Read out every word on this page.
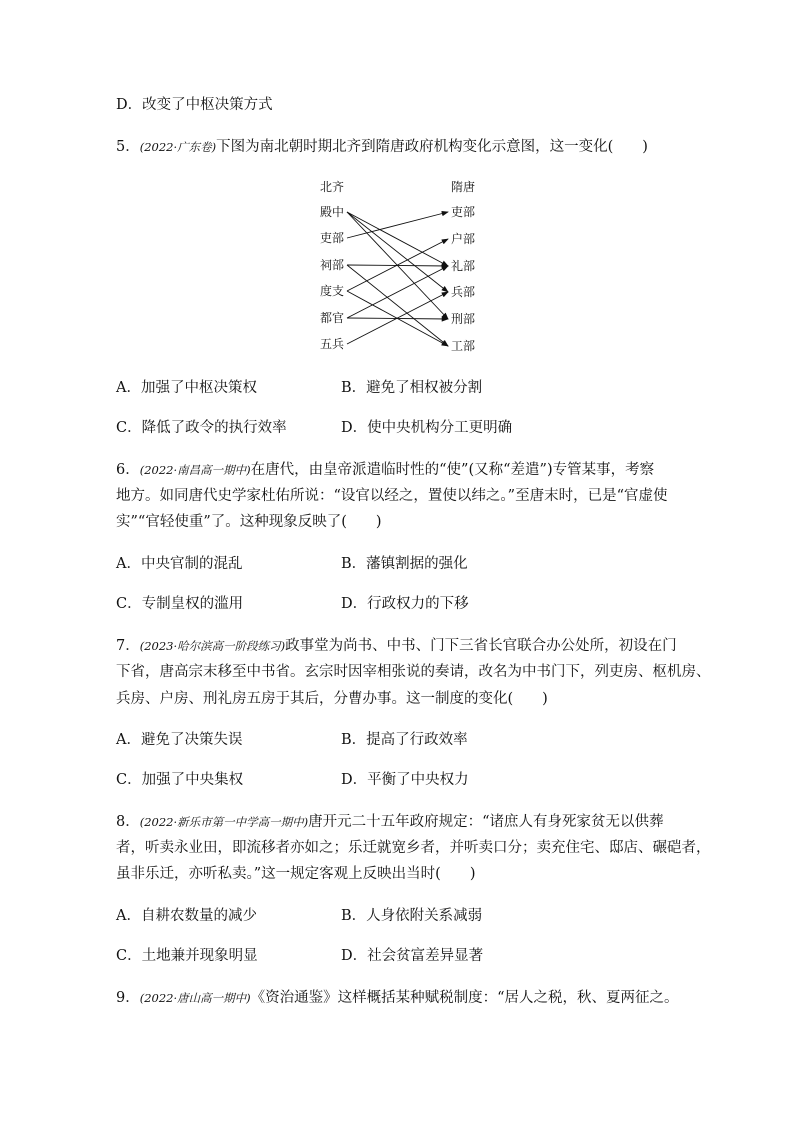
D．改变了中枢决策方式
5．(2022·广东卷)下图为南北朝时期北齐到隋唐政府机构变化示意图，这一变化(　　)
北齐	隋唐
殿中
吏部
祠部
度支
都官
五兵
吏部
户部
礼部
兵部
刑部
工部
A．加强了中枢决策权	B．避免了相权被分割
C．降低了政令的执行效率	D．使中央机构分工更明确
6．(2022·南昌高一期中)在唐代，由皇帝派遣临时性的“使”(又称“差遣”)专管某事，考察
地方。如同唐代史学家杜佑所说：“设官以经之，置使以纬之。”至唐末时，已是“官虚使
实”“官轻使重”了。这种现象反映了(　　)
A．中央官制的混乱	B．藩镇割据的强化
C．专制皇权的滥用	D．行政权力的下移
7．(2023·哈尔滨高一阶段练习)政事堂为尚书、中书、门下三省长官联合办公处所，初设在门
下省，唐高宗末移至中书省。玄宗时因宰相张说的奏请，改名为中书门下，列吏房、枢机房、
兵房、户房、刑礼房五房于其后，分曹办事。这一制度的变化(　　)
A．避免了决策失误	B．提高了行政效率
C．加强了中央集权	D．平衡了中央权力
8．(2022·新乐市第一中学高一期中)唐开元二十五年政府规定：“诸庶人有身死家贫无以供葬
者，听卖永业田，即流移者亦如之；乐迁就宽乡者，并听卖口分；卖充住宅、邸店、碾硙者，
虽非乐迁，亦听私卖。”这一规定客观上反映出当时(　　)
A．自耕农数量的减少	B．人身依附关系减弱
C．土地兼并现象明显	D．社会贫富差异显著
9．(2022·唐山高一期中)《资治通鉴》这样概括某种赋税制度：“居人之税，秋、夏两征之。
